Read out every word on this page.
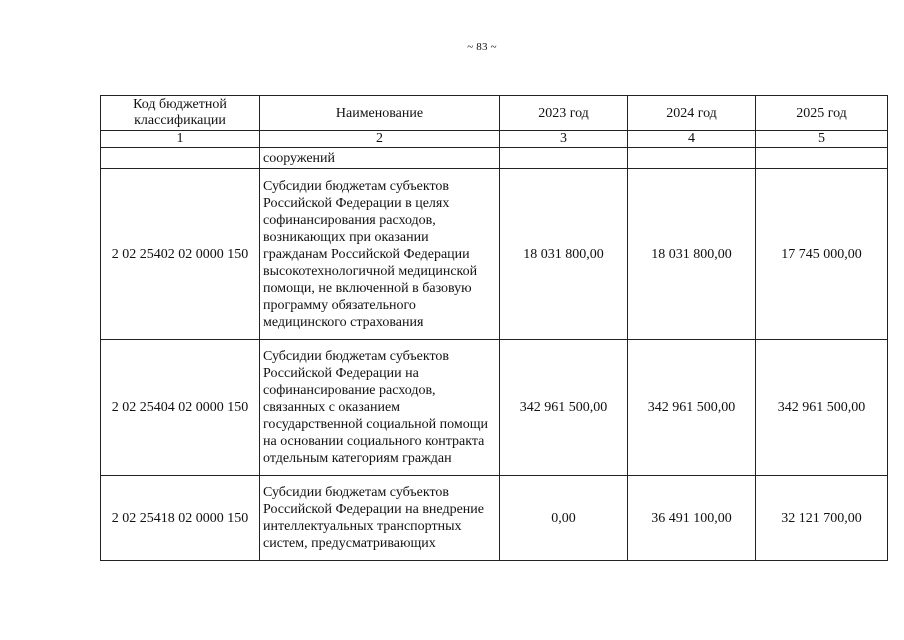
~ 83 ~
Код бюджетной классификации	Наименование	2023 год	2024 год	2025 год
1	2	3	4	5
	сооружений			
2 02 25402 02 0000 150	Субсидии бюджетам субъектов Российской Федерации в целях софинансирования расходов, возникающих при оказании гражданам Российской Федерации высокотехнологичной медицинской помощи, не включенной в базовую программу обязательного медицинского страхования	18 031 800,00	18 031 800,00	17 745 000,00
2 02 25404 02 0000 150	Субсидии бюджетам субъектов Российской Федерации на софинансирование расходов, связанных с оказанием государственной социальной помощи на основании социального контракта отдельным категориям граждан	342 961 500,00	342 961 500,00	342 961 500,00
2 02 25418 02 0000 150	Субсидии бюджетам субъектов Российской Федерации на внедрение интеллектуальных транспортных систем, предусматривающих	0,00	36 491 100,00	32 121 700,00
